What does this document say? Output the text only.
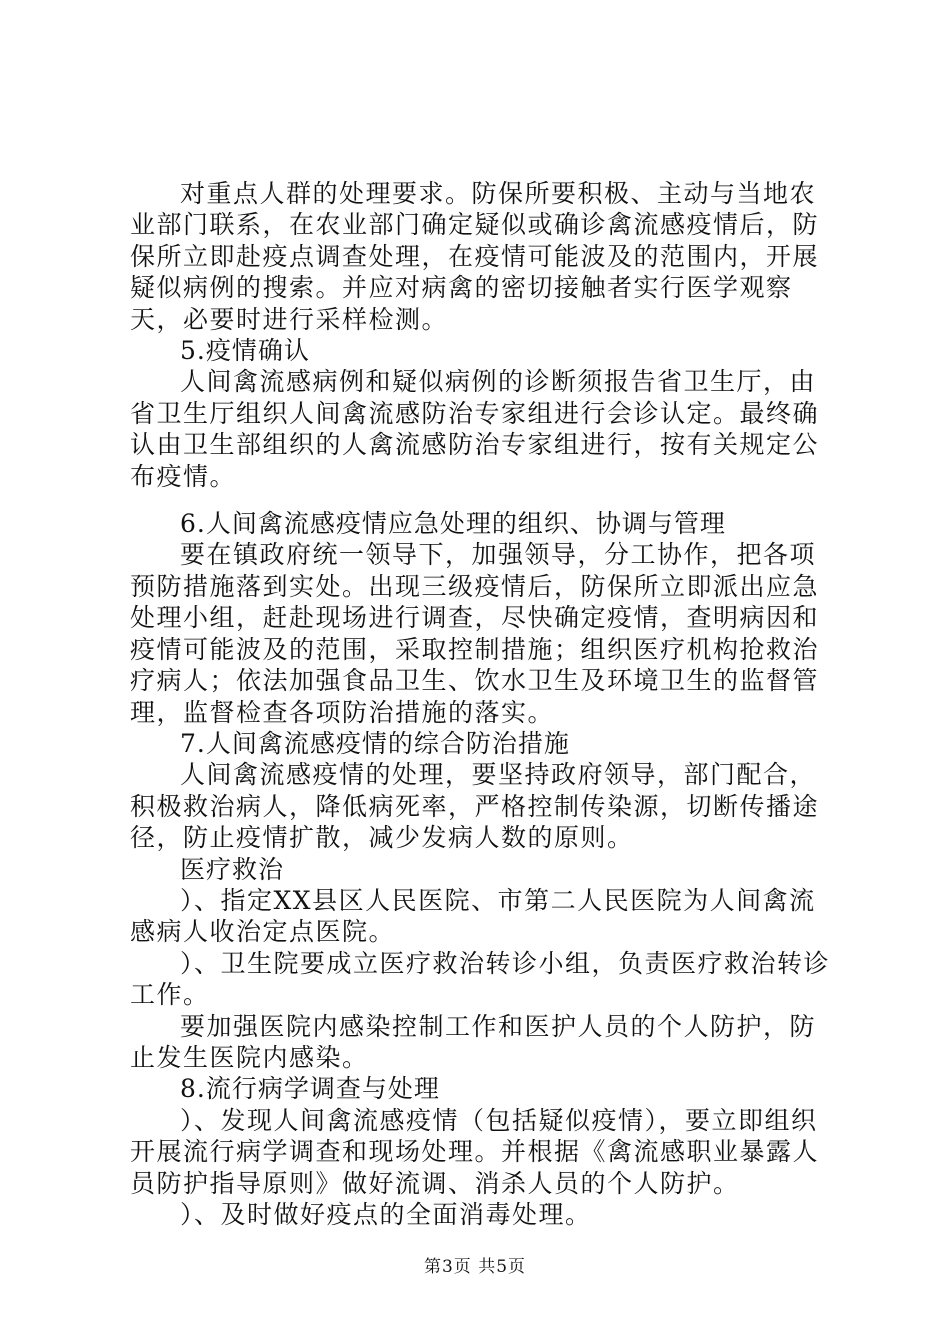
对重点人群的处理要求。防保所要积极、主动与当地农业部门联系，在农业部门确定疑似或确诊禽流感疫情后，防保所立即赴疫点调查处理，在疫情可能波及的范围内，开展疑似病例的搜索。并应对病禽的密切接触者实行医学观察天，必要时进行采样检测。

5.疫情确认

人间禽流感病例和疑似病例的诊断须报告省卫生厅，由省卫生厅组织人间禽流感防治专家组进行会诊认定。最终确认由卫生部组织的人禽流感防治专家组进行，按有关规定公布疫情。

6.人间禽流感疫情应急处理的组织、协调与管理

要在镇政府统一领导下，加强领导，分工协作，把各项预防措施落到实处。出现三级疫情后，防保所立即派出应急处理小组，赶赴现场进行调查，尽快确定疫情，查明病因和疫情可能波及的范围，采取控制措施；组织医疗机构抢救治疗病人；依法加强食品卫生、饮水卫生及环境卫生的监督管理，监督检查各项防治措施的落实。

7.人间禽流感疫情的综合防治措施

人间禽流感疫情的处理，要坚持政府领导，部门配合，积极救治病人，降低病死率，严格控制传染源，切断传播途径，防止疫情扩散，减少发病人数的原则。

医疗救治

）、指定XX县区人民医院、市第二人民医院为人间禽流感病人收治定点医院。

）、卫生院要成立医疗救治转诊小组，负责医疗救治转诊工作。

要加强医院内感染控制工作和医护人员的个人防护，防止发生医院内感染。

8.流行病学调查与处理

）、发现人间禽流感疫情（包括疑似疫情），要立即组织开展流行病学调查和现场处理。并根据《禽流感职业暴露人员防护指导原则》做好流调、消杀人员的个人防护。

）、及时做好疫点的全面消毒处理。

第3页 共5页
